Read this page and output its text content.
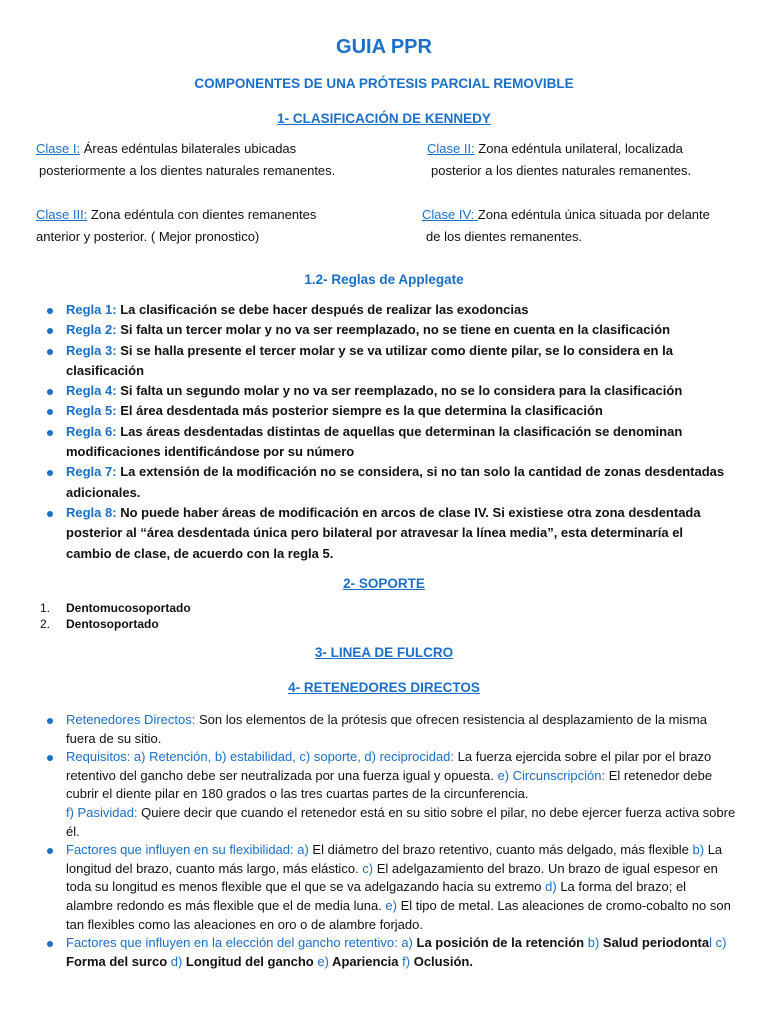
GUIA PPR
COMPONENTES DE UNA PRÓTESIS PARCIAL REMOVIBLE
1- CLASIFICACIÓN DE KENNEDY
Clase I: Áreas edéntulas bilaterales ubicadas
posteriormente a los dientes naturales remanentes.
Clase II: Zona edéntula unilateral, localizada
posterior a los dientes naturales remanentes.
Clase III: Zona edéntula con dientes remanentes
anterior y posterior. ( Mejor pronostico)
Clase IV: Zona edéntula única situada por delante
de los dientes remanentes.
1.2- Reglas de Applegate
Regla 1: La clasificación se debe hacer después de realizar las exodoncias
Regla 2: Si falta un tercer molar y no va ser reemplazado, no se tiene en cuenta en la clasificación
Regla 3: Si se halla presente el tercer molar y se va utilizar como diente pilar, se lo considera en la clasificación
Regla 4: Si falta un segundo molar y no va ser reemplazado, no se lo considera para la clasificación
Regla 5: El área desdentada más posterior siempre es la que determina la clasificación
Regla 6: Las áreas desdentadas distintas de aquellas que determinan la clasificación se denominan modificaciones identificándose por su número
Regla 7: La extensión de la modificación no se considera, si no tan solo la cantidad de zonas desdentadas adicionales.
Regla 8: No puede haber áreas de modificación en arcos de clase IV. Si existiese otra zona desdentada posterior al “área desdentada única pero bilateral por atravesar la línea media”, esta determinaría el cambio de clase, de acuerdo con la regla 5.
2- SOPORTE
1. Dentomucosoportado
2. Dentosoportado
3- LINEA DE FULCRO
4- RETENEDORES DIRECTOS
Retenedores Directos: Son los elementos de la prótesis que ofrecen resistencia al desplazamiento de la misma fuera de su sitio.
Requisitos: a) Retención, b) estabilidad, c) soporte, d) reciprocidad: La fuerza ejercida sobre el pilar por el brazo retentivo del gancho debe ser neutralizada por una fuerza igual y opuesta. e) Circunscripción: El retenedor debe cubrir el diente pilar en 180 grados o las tres cuartas partes de la circunferencia.
f) Pasividad: Quiere decir que cuando el retenedor está en su sitio sobre el pilar, no debe ejercer fuerza activa sobre él.
Factores que influyen en su flexibilidad: a) El diámetro del brazo retentivo, cuanto más delgado, más flexible b) La longitud del brazo, cuanto más largo, más elástico. c) El adelgazamiento del brazo. Un brazo de igual espesor en toda su longitud es menos flexible que el que se va adelgazando hacia su extremo d) La forma del brazo; el alambre redondo es más flexible que el de media luna. e) El tipo de metal. Las aleaciones de cromo-cobalto no son tan flexibles como las aleaciones en oro o de alambre forjado.
Factores que influyen en la elección del gancho retentivo: a) La posición de la retención b) Salud periodontal c) Forma del surco d) Longitud del gancho e) Apariencia f) Oclusión.
